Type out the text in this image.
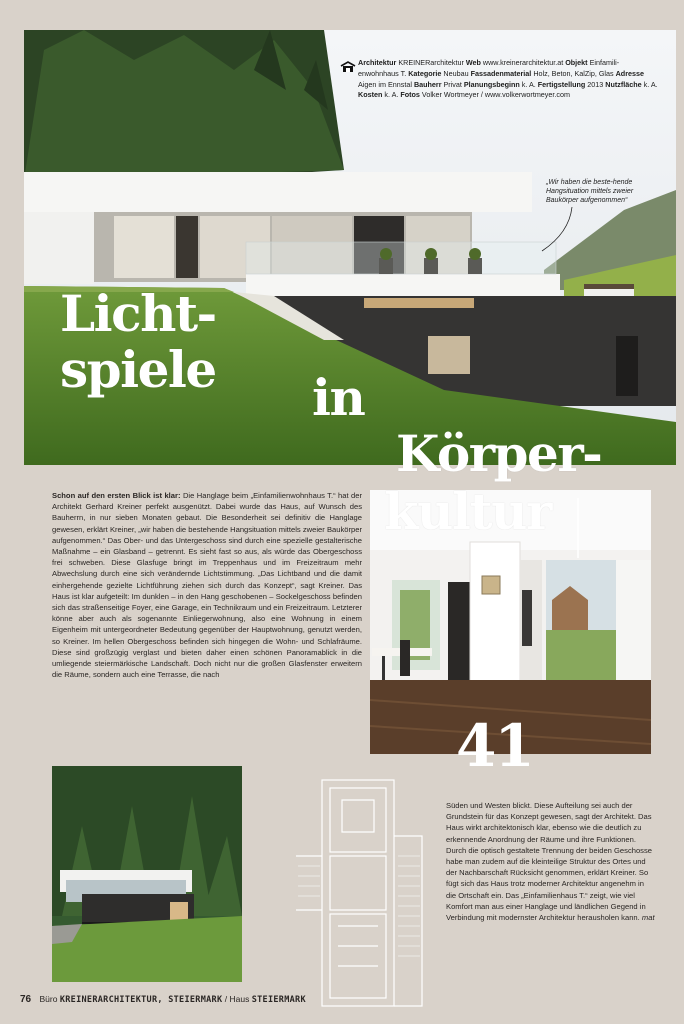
Architektur KREINERarchitektur Web www.kreinerarchitektur.at Objekt Einfamili-enwohnhaus T. Kategorie Neubau Fassadenmaterial Holz, Beton, KalZip, Glas Adresse Aigen im Ennstal Bauherr Privat Planungsbeginn k. A. Fertigstellung 2013 Nutzfläche k. A. Kosten k. A. Fotos Volker Wortmeyer / www.volkerwortmeyer.com
„Wir haben die beste-hende Hangsituation mittels zweier Baukörper aufgenommen“
Licht-
spiele in
Körper-
Schon auf den ersten Blick ist klar: Die Hanglage beim „Einfamilienwohnhaus T.“ hat der Architekt Gerhard Kreiner perfekt ausgenützt. Dabei wurde das Haus, auf Wunsch des Bauherrn, in nur sieben Monaten gebaut. Die Besonderheit sei definitiv die Hanglage gewesen, erklärt Kreiner, „wir haben die bestehende Hangsituation mittels zweier Baukörper aufgenommen.“ Das Ober- und das Untergeschoss sind durch eine spezielle gestalterische Maßnahme – ein Glasband – getrennt. Es sieht fast so aus, als würde das Obergeschoss frei schweben. Diese Glasfuge bringt im Treppenhaus und im Freizeitraum mehr Abwechslung durch eine sich verändernde Lichtstimmung. „Das Lichtband und die damit einhergehende gezielte Lichtführung ziehen sich durch das Konzept“, sagt Kreiner. Das Haus ist klar aufgeteilt: Im dunklen – in den Hang geschobenen – Sockelgeschoss befinden sich das straßenseitige Foyer, eine Garage, ein Technikraum und ein Freizeitraum. Letzterer könne aber auch als sogenannte Einliegerwohnung, also eine Wohnung in einem Eigenheim mit untergeordneter Bedeutung gegenüber der Hauptwohnung, genutzt werden, so Kreiner. Im hellen Obergeschoss befinden sich hingegen die Wohn- und Schlafräume. Diese sind großzügig verglast und bieten daher einen schönen Panoramablick in die umliegende steiermärkische Landschaft. Doch nicht nur die großen Glasfenster erweitern die Räume, sondern auch eine Terrasse, die nach
kultur
41
Süden und Westen blickt. Diese Aufteilung sei auch der Grundstein für das Konzept gewesen, sagt der Architekt. Das Haus wirkt architektonisch klar, ebenso wie die deutlich zu erkennende Anordnung der Räume und ihre Funktionen. Durch die optisch gestaltete Trennung der beiden Geschosse habe man zudem auf die kleinteilige Struktur des Ortes und der Nachbarschaft Rücksicht genommen, erklärt Kreiner. So fügt sich das Haus trotz moderner Architektur angenehm in die Ortschaft ein. Das „Einfamilienhaus T.“ zeigt, wie viel Komfort man aus einer Hanglage und ländlichen Gegend in Verbindung mit modernster Architektur herausholen kann. mat
76 Büro KREINERARCHITEKTUR, STEIERMARK / Haus STEIERMARK
